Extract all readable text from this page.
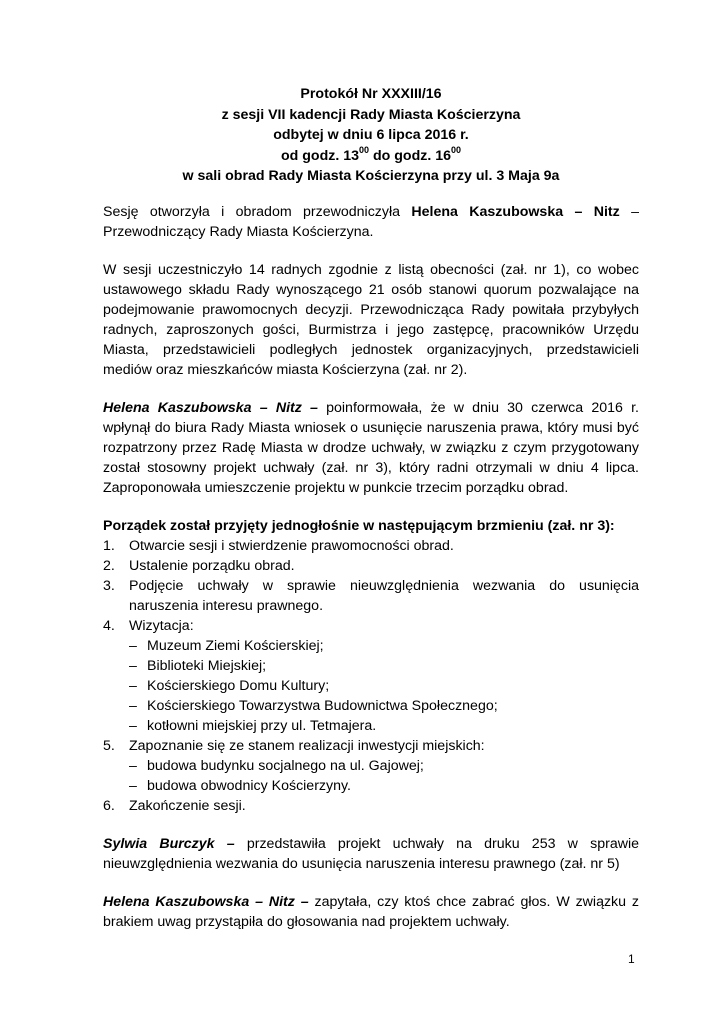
Protokół Nr XXXIII/16
z sesji VII kadencji Rady Miasta Kościerzyna
odbytej w dniu 6 lipca 2016 r.
od godz. $13^{00}$ do godz. $16^{00}$
w sali obrad Rady Miasta Kościerzyna przy ul. 3 Maja 9a

Sesję otworzyła i obradom przewodniczyła Helena Kaszubowska – Nitz – Przewodniczący Rady Miasta Kościerzyna.

W sesji uczestniczyło 14 radnych zgodnie z listą obecności (zał. nr 1), co wobec ustawowego składu Rady wynoszącego 21 osób stanowi quorum pozwalające na podejmowanie prawomocnych decyzji. Przewodnicząca Rady powitała przybyłych radnych, zaproszonych gości, Burmistrza i jego zastępcę, pracowników Urzędu Miasta, przedstawicieli podległych jednostek organizacyjnych, przedstawicieli mediów oraz mieszkańców miasta Kościerzyna (zał. nr 2).

Helena Kaszubowska – Nitz – poinformowała, że w dniu 30 czerwca 2016 r. wpłynął do biura Rady Miasta wniosek o usunięcie naruszenia prawa, który musi być rozpatrzony przez Radę Miasta w drodze uchwały, w związku z czym przygotowany został stosowny projekt uchwały (zał. nr 3), który radni otrzymali w dniu 4 lipca. Zaproponowała umieszczenie projektu w punkcie trzecim porządku obrad.

Porządek został przyjęty jednogłośnie w następującym brzmieniu (zał. nr 3):

1. Otwarcie sesji i stwierdzenie prawomocności obrad.
2. Ustalenie porządku obrad.
3. Podjęcie uchwały w sprawie nieuwzględnienia wezwania do usunięcia naruszenia interesu prawnego.
4. Wizytacja:
– Muzeum Ziemi Kościerskiej;
– Biblioteki Miejskiej;
– Kościerskiego Domu Kultury;
– Kościerskiego Towarzystwa Budownictwa Społecznego;
– kotłowni miejskiej przy ul. Tetmajera.
5. Zapoznanie się ze stanem realizacji inwestycji miejskich:
– budowa budynku socjalnego na ul. Gajowej;
– budowa obwodnicy Kościerzyny.
6. Zakończenie sesji.

Sylwia Burczyk – przedstawiła projekt uchwały na druku 253 w sprawie nieuwzględnienia wezwania do usunięcia naruszenia interesu prawnego (zał. nr 5)

Helena Kaszubowska – Nitz – zapytała, czy ktoś chce zabrać głos. W związku z brakiem uwag przystąpiła do głosowania nad projektem uchwały.

1
